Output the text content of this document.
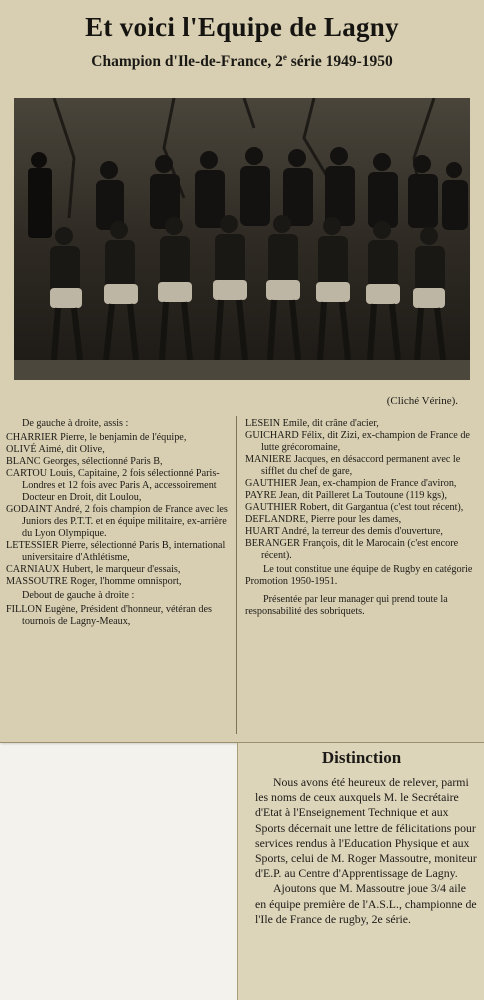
Et voici l'Equipe de Lagny
Champion d'Ile-de-France, 2e série 1949-1950
(Cliché Vérine).
De gauche à droite, assis :
CHARRIER Pierre, le benjamin de l'équipe,
OLIVÉ Aimé, dit Olive,
BLANC Georges, sélectionné Paris B,
CARTOU Louis, Capitaine, 2 fois sélectionné Paris-Londres et 12 fois avec Paris A, accessoirement Docteur en Droit, dit Loulou,
GODAINT André, 2 fois champion de France avec les Juniors des P.T.T. et en équipe militaire, ex-arrière du Lyon Olympique.
LETESSIER Pierre, sélectionné Paris B, international universitaire d'Athlétisme,
CARNIAUX Hubert, le marqueur d'essais,
MASSOUTRE Roger, l'homme omnisport,
Debout de gauche à droite :
FILLON Eugène, Président d'honneur, vétéran des tournois de Lagny-Meaux,
LESEIN Emile, dit crâne d'acier,
GUICHARD Félix, dit Zizi, ex-champion de France de lutte grécoromaine,
MANIERE Jacques, en désaccord permanent avec le sifflet du chef de gare,
GAUTHIER Jean, ex-champion de France d'aviron,
PAYRE Jean, dit Pailleret La Toutoune (119 kgs),
GAUTHIER Robert, dit Gargantua (c'est tout récent),
DEFLANDRE, Pierre pour les dames,
HUART André, la terreur des demis d'ouverture,
BERANGER François, dit le Marocain (c'est encore récent).

Le tout constitue une équipe de Rugby en catégorie Promotion 1950-1951.

Présentée par leur manager qui prend toute la responsabilité des sobriquets.

Distinction

Nous avons été heureux de relever, parmi les noms de ceux auxquels M. le Secrétaire d'Etat à l'Enseignement Technique et aux Sports décernait une lettre de félicitations pour services rendus à l'Education Physique et aux Sports, celui de M. Roger Massoutre, moniteur d'E.P. au Centre d'Apprentissage de Lagny.

Ajoutons que M. Massoutre joue 3/4 aile en équipe première de l'A.S.L., championne de l'Ile de France de rugby, 2e série.
